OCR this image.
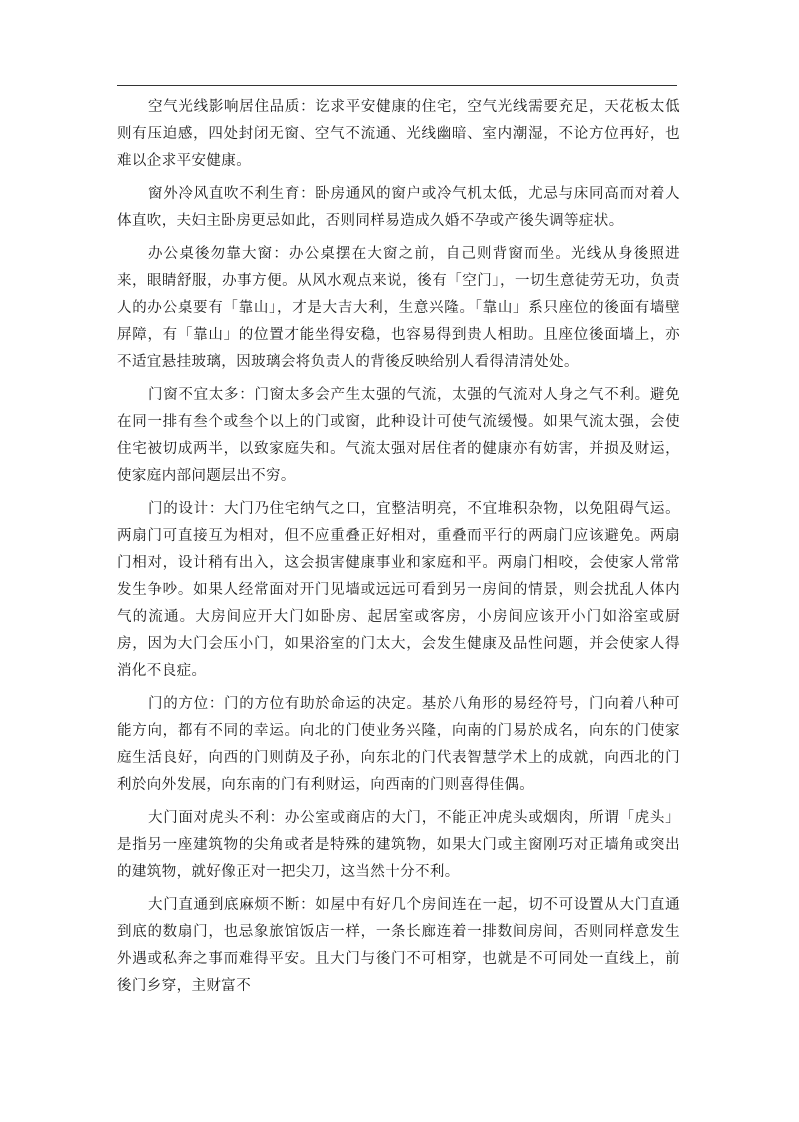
空气光线影响居住品质：讫求平安健康的住宅，空气光线需要充足，天花板太低则有压迫感，四处封闭无窗、空气不流通、光线幽暗、室内潮湿，不论方位再好，也难以企求平安健康。

窗外冷风直吹不利生育：卧房通风的窗户或冷气机太低，尤忌与床同高而对着人体直吹，夫妇主卧房更忌如此，否则同样易造成久婚不孕或产後失调等症状。

办公桌後勿靠大窗：办公桌摆在大窗之前，自己则背窗而坐。光线从身後照进来，眼睛舒服，办事方便。从风水观点来说，後有「空门」，一切生意徒劳无功，负责人的办公桌要有「靠山」，才是大吉大利，生意兴隆。「靠山」系只座位的後面有墙壁屏障，有「靠山」的位置才能坐得安稳，也容易得到贵人相助。且座位後面墙上，亦不适宜悬挂玻璃，因玻璃会将负责人的背後反映给别人看得清清处处。

门窗不宜太多：门窗太多会产生太强的气流，太强的气流对人身之气不利。避免在同一排有叁个或叁个以上的门或窗，此种设计可使气流缓慢。如果气流太强，会使住宅被切成两半，以致家庭失和。气流太强对居住者的健康亦有妨害，并损及财运，使家庭内部问题层出不穷。

门的设计：大门乃住宅纳气之口，宜整洁明亮，不宜堆积杂物，以免阻碍气运。两扇门可直接互为相对，但不应重叠正好相对，重叠而平行的两扇门应该避免。两扇门相对，设计稍有出入，这会损害健康事业和家庭和平。两扇门相咬，会使家人常常发生争吵。如果人经常面对开门见墙或远远可看到另一房间的情景，则会扰乱人体内气的流通。大房间应开大门如卧房、起居室或客房，小房间应该开小门如浴室或厨房，因为大门会压小门，如果浴室的门太大，会发生健康及品性问题，并会使家人得消化不良症。

门的方位：门的方位有助於命运的决定。基於八角形的易经符号，门向着八种可能方向，都有不同的幸运。向北的门使业务兴隆，向南的门易於成名，向东的门使家庭生活良好，向西的门则荫及子孙，向东北的门代表智慧学术上的成就，向西北的门利於向外发展，向东南的门有利财运，向西南的门则喜得佳偶。

大门面对虎头不利：办公室或商店的大门，不能正冲虎头或烟肉，所谓「虎头」是指另一座建筑物的尖角或者是特殊的建筑物，如果大门或主窗刚巧对正墙角或突出的建筑物，就好像正对一把尖刀，这当然十分不利。

大门直通到底麻烦不断：如屋中有好几个房间连在一起，切不可设置从大门直通到底的数扇门，也忌象旅馆饭店一样，一条长廊连着一排数间房间，否则同样意发生外遇或私奔之事而难得平安。且大门与後门不可相穿，也就是不可同处一直线上，前後门乡穿，主财富不
